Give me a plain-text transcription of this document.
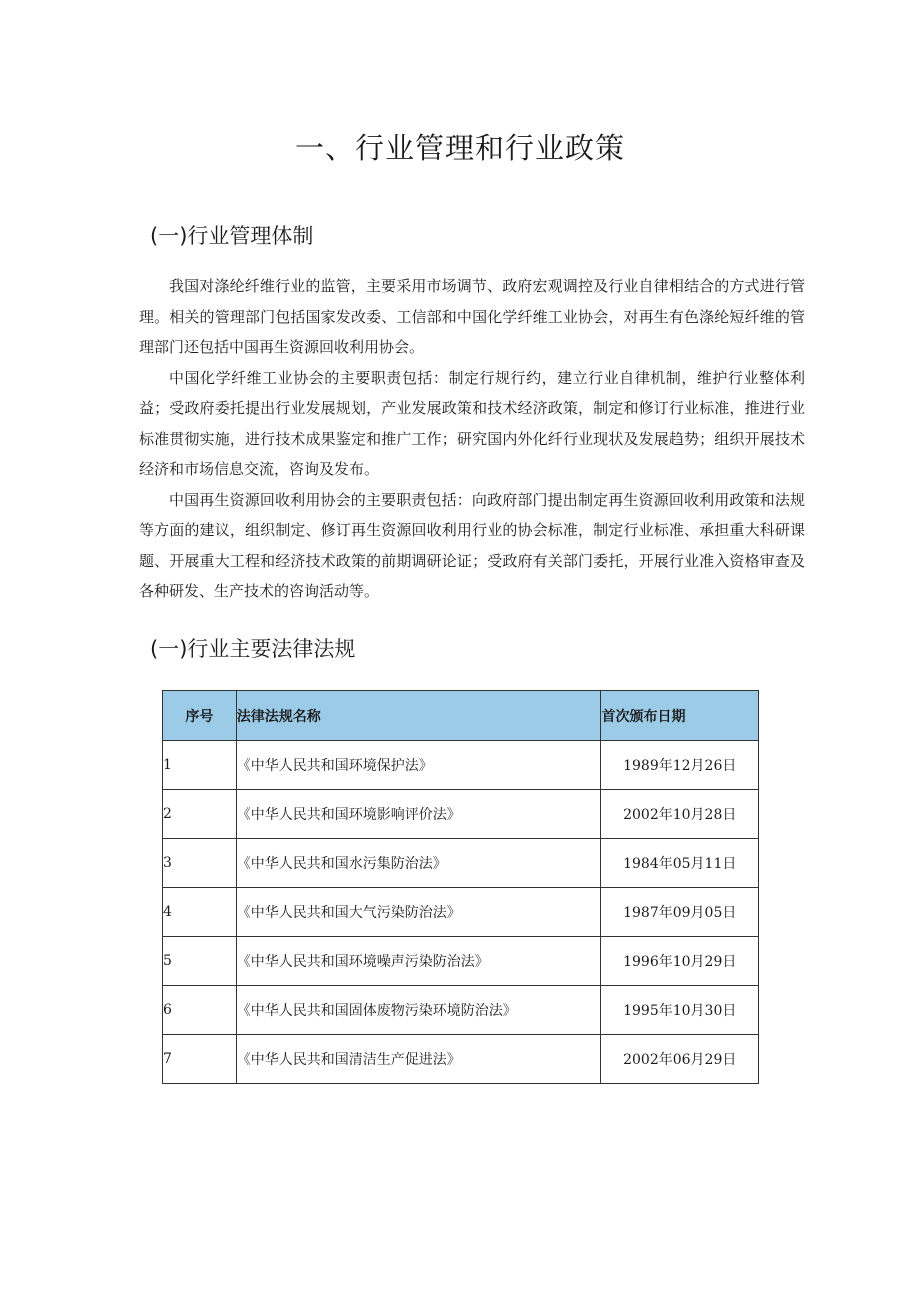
一、行业管理和行业政策
(一)行业管理体制

我国对涤纶纤维行业的监管，主要采用市场调节、政府宏观调控及行业自律相结合的方式进行管理。相关的管理部门包括国家发改委、工信部和中国化学纤维工业协会，对再生有色涤纶短纤维的管理部门还包括中国再生资源回收利用协会。

中国化学纤维工业协会的主要职责包括：制定行规行约，建立行业自律机制，维护行业整体利益；受政府委托提出行业发展规划，产业发展政策和技术经济政策，制定和修订行业标准，推进行业标准贯彻实施，进行技术成果鉴定和推广工作；研究国内外化纤行业现状及发展趋势；组织开展技术经济和市场信息交流，咨询及发布。

中国再生资源回收利用协会的主要职责包括：向政府部门提出制定再生资源回收利用政策和法规等方面的建议，组织制定、修订再生资源回收利用行业的协会标准，制定行业标准、承担重大科研课题、开展重大工程和经济技术政策的前期调研论证；受政府有关部门委托，开展行业准入资格审查及各种研发、生产技术的咨询活动等。

(一)行业主要法律法规
序号	法律法规名称	首次颁布日期
1	《中华人民共和国环境保护法》	1989年12月26日
2	《中华人民共和国环境影响评价法》	2002年10月28日
3	《中华人民共和国水污集防治法》	1984年05月11日
4	《中华人民共和国大气污染防治法》	1987年09月05日
5	《中华人民共和国环境噪声污染防治法》	1996年10月29日
6	《中华人民共和国固体废物污染环境防治法》	1995年10月30日
7	《中华人民共和国清洁生产促进法》	2002年06月29日
